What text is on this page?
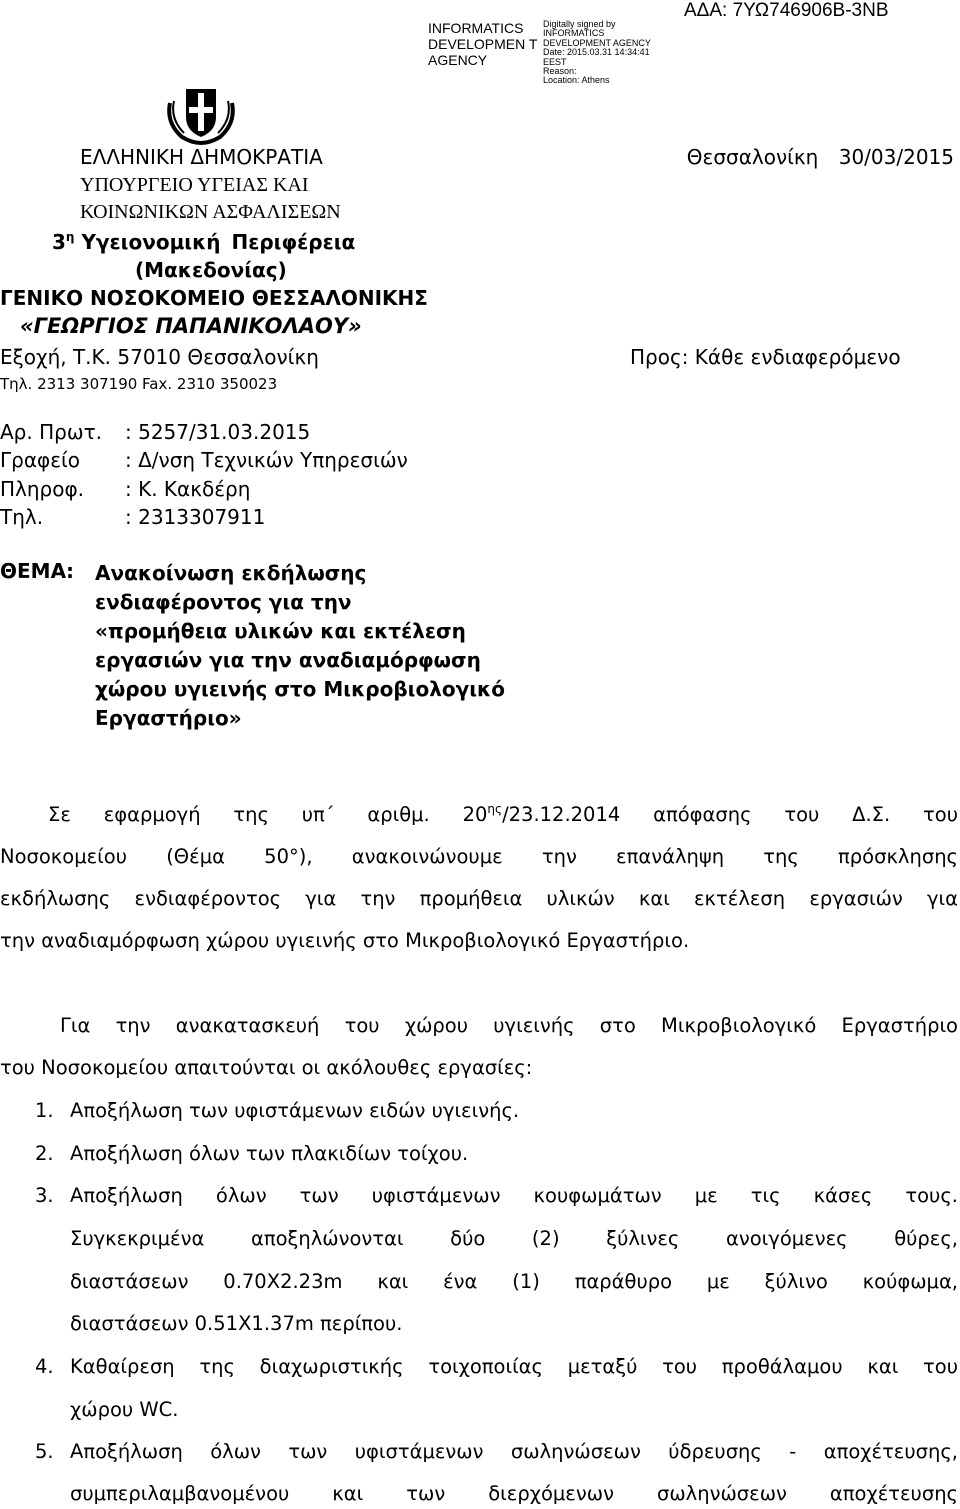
INFORMATICS DEVELOPMEN T AGENCY
Digitally signed by
INFORMATICS
DEVELOPMENT AGENCY
Date: 2015.03.31 14:34:41
EEST
Reason:
Location: Athens
ΑΔΑ: 7ΥΩ746906Β-3ΝΒ
ΕΛΛΗΝΙΚΗ ΔΗΜΟΚΡΑΤΙΑ
ΥΠΟΥΡΓΕΙΟ ΥΓΕΙΑΣ ΚΑΙ
ΚΟΙΝΩΝΙΚΩΝ ΑΣΦΑΛΙΣΕΩΝ
$3^\eta$ Υγειονομική Περιφέρεια
(Μακεδονίας)
ΓΕΝΙΚΟ ΝΟΣΟΚΟΜΕΙΟ ΘΕΣΣΑΛΟΝΙΚΗΣ
«ΓΕΩΡΓΙΟΣ ΠΑΠΑΝΙΚΟΛΑΟΥ»
Εξοχή, Τ.Κ. 57010 Θεσσαλονίκη
Τηλ. 2313 307190 Fax. 2310 350023
Θεσσαλονίκη 30/03/2015
Προς: Κάθε ενδιαφερόμενο
Αρ. Πρωτ. : 5257/31.03.2015
Γραφείο : Δ/νση Τεχνικών Υπηρεσιών
Πληροφ. : Κ. Κακδέρη
Τηλ.	: 2313307911
ΘΕΜΑ: Ανακοίνωση εκδήλωσης
ενδιαφέροντος για την
«προμήθεια υλικών και εκτέλεση
εργασιών για την αναδιαμόρφωση
χώρου υγιεινής στο Μικροβιολογικό
Εργαστήριο»
Σε εφαρμογή της υπ΄ αριθμ. $20^{\eta\varsigma}/23.12.2014$ απόφασης του Δ.Σ. του
Νοσοκομείου (Θέμα 50°), ανακοινώνουμε την επανάληψη της πρόσκλησης
εκδήλωσης ενδιαφέροντος για την προμήθεια υλικών και εκτέλεση εργασιών για
την αναδιαμόρφωση χώρου υγιεινής στο Μικροβιολογικό Εργαστήριο.
Για την ανακατασκευή του χώρου υγιεινής στο Μικροβιολογικό Εργαστήριο
του Νοσοκομείου απαιτούνται οι ακόλουθες εργασίες:
1. Αποξήλωση των υφιστάμενων ειδών υγιεινής.
2. Αποξήλωση όλων των πλακιδίων τοίχου.
3. Αποξήλωση όλων των υφιστάμενων κουφωμάτων με τις κάσες τους.
Συγκεκριμένα αποξηλώνονται δύο (2) ξύλινες ανοιγόμενες θύρες,
διαστάσεων 0.70Χ2.23m και ένα (1) παράθυρο με ξύλινο κούφωμα,
διαστάσεων 0.51Χ1.37m περίπου.
4. Καθαίρεση της διαχωριστικής τοιχοποιίας μεταξύ του προθάλαμου και του
χώρου WC.
5. Αποξήλωση όλων των υφιστάμενων σωληνώσεων ύδρευσης - αποχέτευσης,
συμπεριλαμβανομένου και των διερχόμενων σωληνώσεων αποχέτευσης
